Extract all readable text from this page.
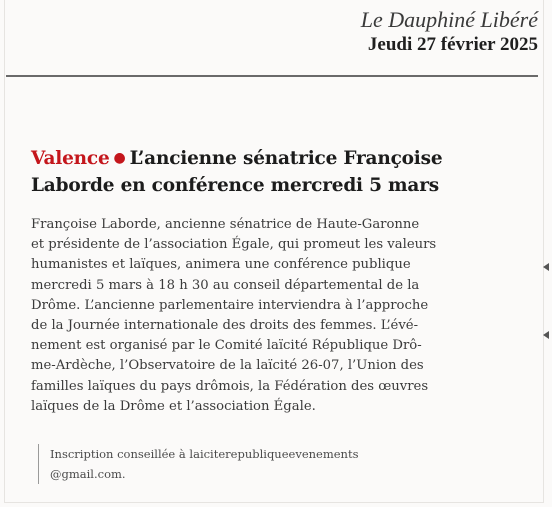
Le Dauphiné Libéré
Jeudi 27 février 2025
Valence ● L’ancienne sénatrice Françoise Laborde en conférence mercredi 5 mars
Françoise Laborde, ancienne sénatrice de Haute-Garonne
et présidente de l’association Égale, qui promeut les valeurs
humanistes et laïques, animera une conférence publique
mercredi 5 mars à 18 h 30 au conseil départemental de la
Drôme. L’ancienne parlementaire interviendra à l’approche
de la Journée internationale des droits des femmes. L’évé-
nement est organisé par le Comité laïcité République Drô-
me-Ardèche, l’Observatoire de la laïcité 26-07, l’Union des
familles laïques du pays drômois, la Fédération des œuvres
laïques de la Drôme et l’association Égale.
Inscription conseillée à laiciterepubliqueevenements
@gmail.com.
